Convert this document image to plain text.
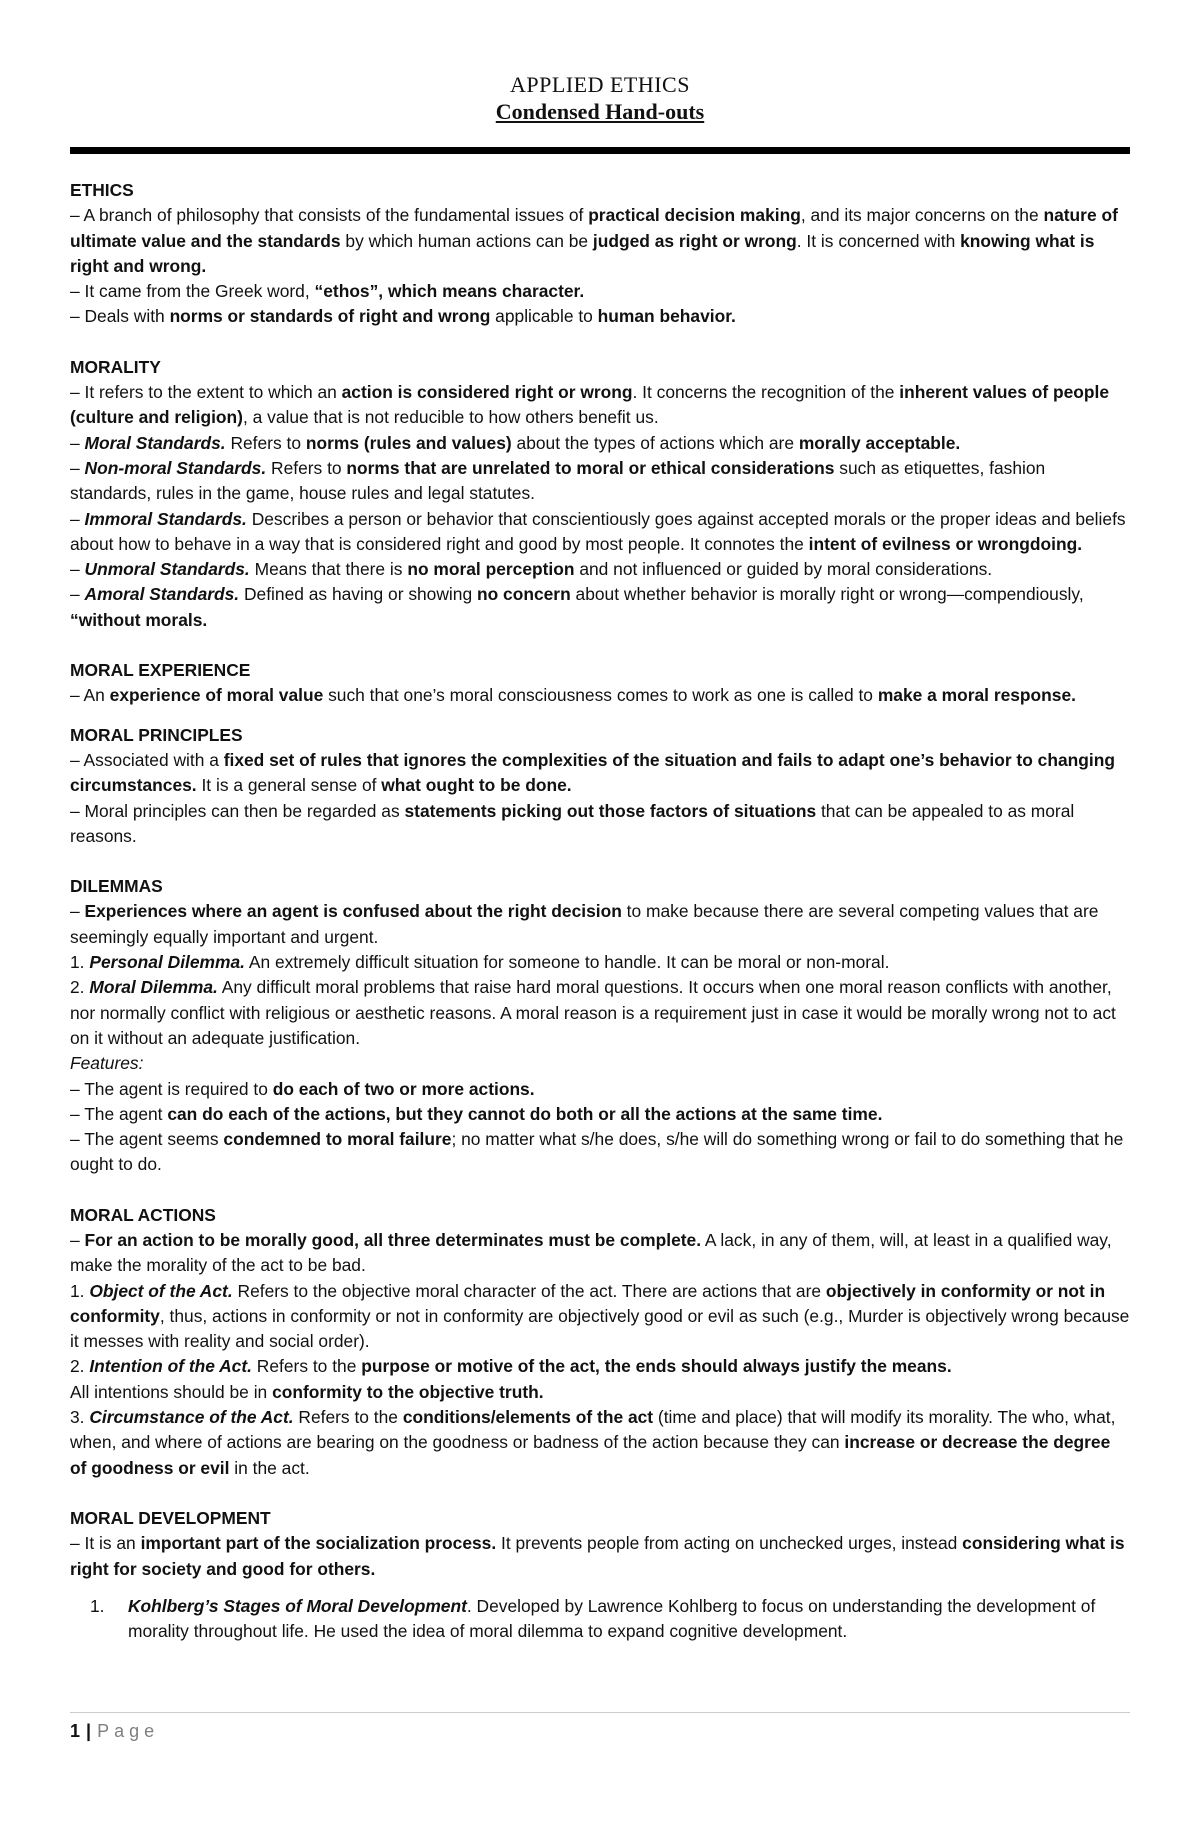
APPLIED ETHICS
Condensed Hand-outs

ETHICS

– A branch of philosophy that consists of the fundamental issues of practical decision making, and its major concerns on the nature of ultimate value and the standards by which human actions can be judged as right or wrong. It is concerned with knowing what is right and wrong.

– It came from the Greek word, “ethos”, which means character.

– Deals with norms or standards of right and wrong applicable to human behavior.

MORALITY

– It refers to the extent to which an action is considered right or wrong. It concerns the recognition of the inherent values of people (culture and religion), a value that is not reducible to how others benefit us.

– Moral Standards. Refers to norms (rules and values) about the types of actions which are morally acceptable.

– Non-moral Standards. Refers to norms that are unrelated to moral or ethical considerations such as etiquettes, fashion standards, rules in the game, house rules and legal statutes.

– Immoral Standards. Describes a person or behavior that conscientiously goes against accepted morals or the proper ideas and beliefs about how to behave in a way that is considered right and good by most people. It connotes the intent of evilness or wrongdoing.

– Unmoral Standards. Means that there is no moral perception and not influenced or guided by moral considerations.

– Amoral Standards. Defined as having or showing no concern about whether behavior is morally right or wrong—compendiously, “without morals.

MORAL EXPERIENCE

– An experience of moral value such that one’s moral consciousness comes to work as one is called to make a moral response.

MORAL PRINCIPLES

– Associated with a fixed set of rules that ignores the complexities of the situation and fails to adapt one’s behavior to changing circumstances. It is a general sense of what ought to be done.

– Moral principles can then be regarded as statements picking out those factors of situations that can be appealed to as moral reasons.

DILEMMAS

– Experiences where an agent is confused about the right decision to make because there are several competing values that are seemingly equally important and urgent.

1. Personal Dilemma. An extremely difficult situation for someone to handle. It can be moral or non-moral.

2. Moral Dilemma. Any difficult moral problems that raise hard moral questions. It occurs when one moral reason conflicts with another, nor normally conflict with religious or aesthetic reasons. A moral reason is a requirement just in case it would be morally wrong not to act on it without an adequate justification.

Features:

– The agent is required to do each of two or more actions.

– The agent can do each of the actions, but they cannot do both or all the actions at the same time.

– The agent seems condemned to moral failure; no matter what s/he does, s/he will do something wrong or fail to do something that he ought to do.

MORAL ACTIONS

– For an action to be morally good, all three determinates must be complete. A lack, in any of them, will, at least in a qualified way, make the morality of the act to be bad.

1. Object of the Act. Refers to the objective moral character of the act. There are actions that are objectively in conformity or not in conformity, thus, actions in conformity or not in conformity are objectively good or evil as such (e.g., Murder is objectively wrong because it messes with reality and social order).

2. Intention of the Act. Refers to the purpose or motive of the act, the ends should always justify the means.

All intentions should be in conformity to the objective truth.

3. Circumstance of the Act. Refers to the conditions/elements of the act (time and place) that will modify its morality. The who, what, when, and where of actions are bearing on the goodness or badness of the action because they can increase or decrease the degree of goodness or evil in the act.

MORAL DEVELOPMENT

– It is an important part of the socialization process. It prevents people from acting on unchecked urges, instead considering what is right for society and good for others.

1.	Kohlberg’s Stages of Moral Development. Developed by Lawrence Kohlberg to focus on understanding the development of morality throughout life. He used the idea of moral dilemma to expand cognitive development.
1 | Page
